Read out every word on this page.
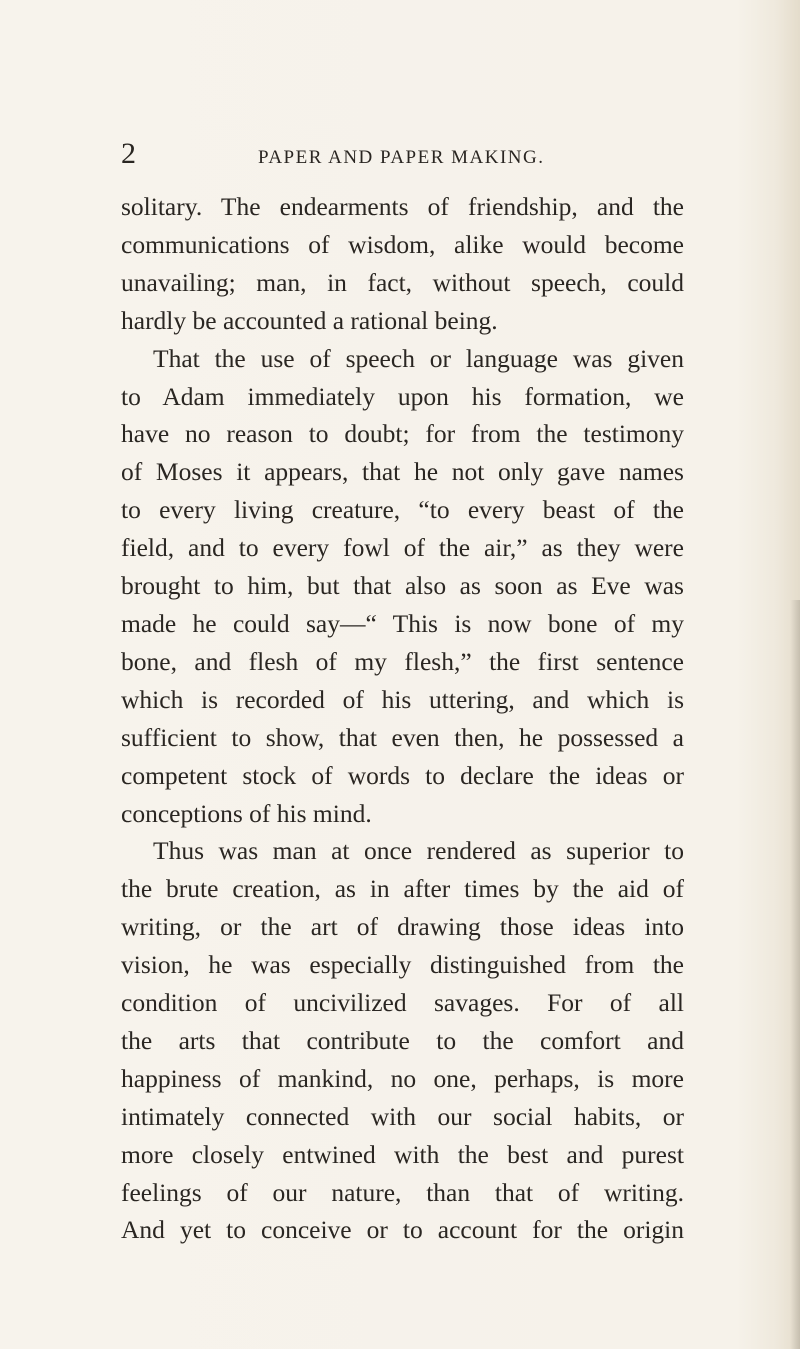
2	PAPER AND PAPER MAKING.
solitary. The endearments of friendship, and the
communications of wisdom, alike would become
unavailing; man, in fact, without speech, could
hardly be accounted a rational being.
That the use of speech or language was given
to Adam immediately upon his formation, we
have no reason to doubt; for from the testimony
of Moses it appears, that he not only gave names
to every living creature, “to every beast of the
field, and to every fowl of the air,” as they were
brought to him, but that also as soon as Eve was
made he could say—“ This is now bone of my
bone, and flesh of my flesh,” the first sentence
which is recorded of his uttering, and which is
sufficient to show, that even then, he possessed a
competent stock of words to declare the ideas or
conceptions of his mind.
Thus was man at once rendered as superior to
the brute creation, as in after times by the aid of
writing, or the art of drawing those ideas into
vision, he was especially distinguished from the
condition of uncivilized savages. For of all
the arts that contribute to the comfort and
happiness of mankind, no one, perhaps, is more
intimately connected with our social habits, or
more closely entwined with the best and purest
feelings of our nature, than that of writing.
And yet to conceive or to account for the origin
